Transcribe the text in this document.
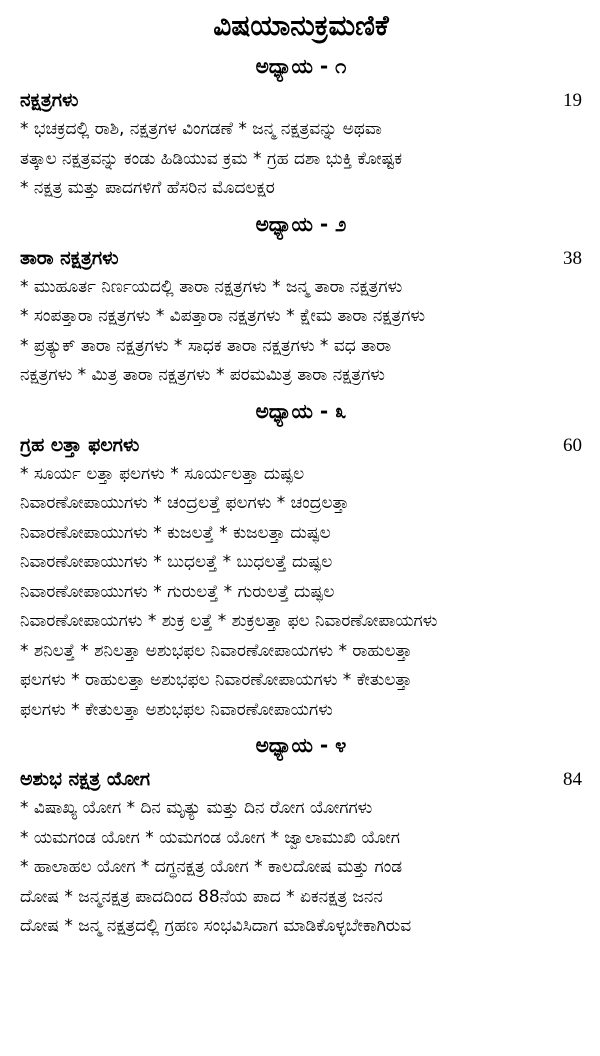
ವಿಷಯಾನುಕ್ರಮಣಿಕೆ
ಅಧ್ಯಾಯ - ೧
ನಕ್ಷತ್ರಗಳು	19
* ಭಚಕ್ರದಲ್ಲಿ ರಾಶಿ, ನಕ್ಷತ್ರಗಳ ವಿಂಗಡಣೆ * ಜನ್ಮ ನಕ್ಷತ್ರವನ್ನು ಅಥವಾ
ತತ್ಕಾಲ ನಕ್ಷತ್ರವನ್ನು ಕಂಡು ಹಿಡಿಯುವ ಕ್ರಮ * ಗ್ರಹ ದಶಾ ಭುಕ್ತಿ ಕೋಷ್ಟಕ
* ನಕ್ಷತ್ರ ಮತ್ತು ಪಾದಗಳಿಗೆ ಹೆಸರಿನ ಮೊದಲಕ್ಷರ
ಅಧ್ಯಾಯ - ೨
ತಾರಾ ನಕ್ಷತ್ರಗಳು	38
* ಮುಹೂರ್ತ ನಿರ್ಣಯದಲ್ಲಿ ತಾರಾ ನಕ್ಷತ್ರಗಳು * ಜನ್ಮ ತಾರಾ ನಕ್ಷತ್ರಗಳು
* ಸಂಪತ್ತಾರಾ ನಕ್ಷತ್ರಗಳು * ವಿಪತ್ತಾರಾ ನಕ್ಷತ್ರಗಳು * ಕ್ಷೇಮ ತಾರಾ ನಕ್ಷತ್ರಗಳು
* ಪ್ರತ್ಯುಕ್ ತಾರಾ ನಕ್ಷತ್ರಗಳು * ಸಾಧಕ ತಾರಾ ನಕ್ಷತ್ರಗಳು * ವಧ ತಾರಾ
ನಕ್ಷತ್ರಗಳು * ಮಿತ್ರ ತಾರಾ ನಕ್ಷತ್ರಗಳು * ಪರಮಮಿತ್ರ ತಾರಾ ನಕ್ಷತ್ರಗಳು
ಅಧ್ಯಾಯ - ೩
ಗ್ರಹ ಲತ್ತಾ ಫಲಗಳು	60
* ಸೂರ್ಯ ಲತ್ತಾ ಫಲಗಳು * ಸೂರ್ಯಲತ್ತಾ ದುಷ್ಫಲ
ನಿವಾರಣೋಪಾಯುಗಳು * ಚಂದ್ರಲತ್ತೆ ಫಲಗಳು * ಚಂದ್ರಲತ್ತಾ
ನಿವಾರಣೋಪಾಯುಗಳು * ಕುಜಲತ್ತೆ * ಕುಜಲತ್ತಾ ದುಷ್ಫಲ
ನಿವಾರಣೋಪಾಯುಗಳು * ಬುಧಲತ್ತೆ * ಬುಧಲತ್ತೆ ದುಷ್ಫಲ
ನಿವಾರಣೋಪಾಯುಗಳು * ಗುರುಲತ್ತೆ * ಗುರುಲತ್ತೆ ದುಷ್ಫಲ
ನಿವಾರಣೋಪಾಯಗಳು * ಶುಕ್ರ ಲತ್ತೆ * ಶುಕ್ರಲತ್ತಾ ಫಲ ನಿವಾರಣೋಪಾಯಗಳು
* ಶನಿಲತ್ತೆ * ಶನಿಲತ್ತಾ ಅಶುಭಫಲ ನಿವಾರಣೋಪಾಯಗಳು * ರಾಹುಲತ್ತಾ
ಫಲಗಳು * ರಾಹುಲತ್ತಾ ಅಶುಭಫಲ ನಿವಾರಣೋಪಾಯಗಳು * ಕೇತುಲತ್ತಾ
ಫಲಗಳು * ಕೇತುಲತ್ತಾ ಅಶುಭಫಲ ನಿವಾರಣೋಪಾಯಗಳು
ಅಧ್ಯಾಯ - ೪
ಅಶುಭ ನಕ್ಷತ್ರ ಯೋಗ	84
* ವಿಷಾಖ್ಯ ಯೋಗ * ದಿನ ಮೃತ್ಯು ಮತ್ತು ದಿನ ರೋಗ ಯೋಗಗಳು
* ಯಮಗಂಡ ಯೋಗ * ಯಮಗಂಡ ಯೋಗ * ಜ್ವಾಲಾಮುಖಿ ಯೋಗ
* ಹಾಲಾಹಲ ಯೋಗ * ದಗ್ಧನಕ್ಷತ್ರ ಯೋಗ * ಕಾಲದೋಷ ಮತ್ತು ಗಂಡ
ದೋಷ * ಜನ್ಮನಕ್ಷತ್ರ ಪಾದದಿಂದ 88ನೆಯ ಪಾದ * ಏಕನಕ್ಷತ್ರ ಜನನ
ದೋಷ * ಜನ್ಮ ನಕ್ಷತ್ರದಲ್ಲಿ ಗ್ರಹಣ ಸಂಭವಿಸಿದಾಗ ಮಾಡಿಕೊಳ್ಳಬೇಕಾಗಿರುವ
